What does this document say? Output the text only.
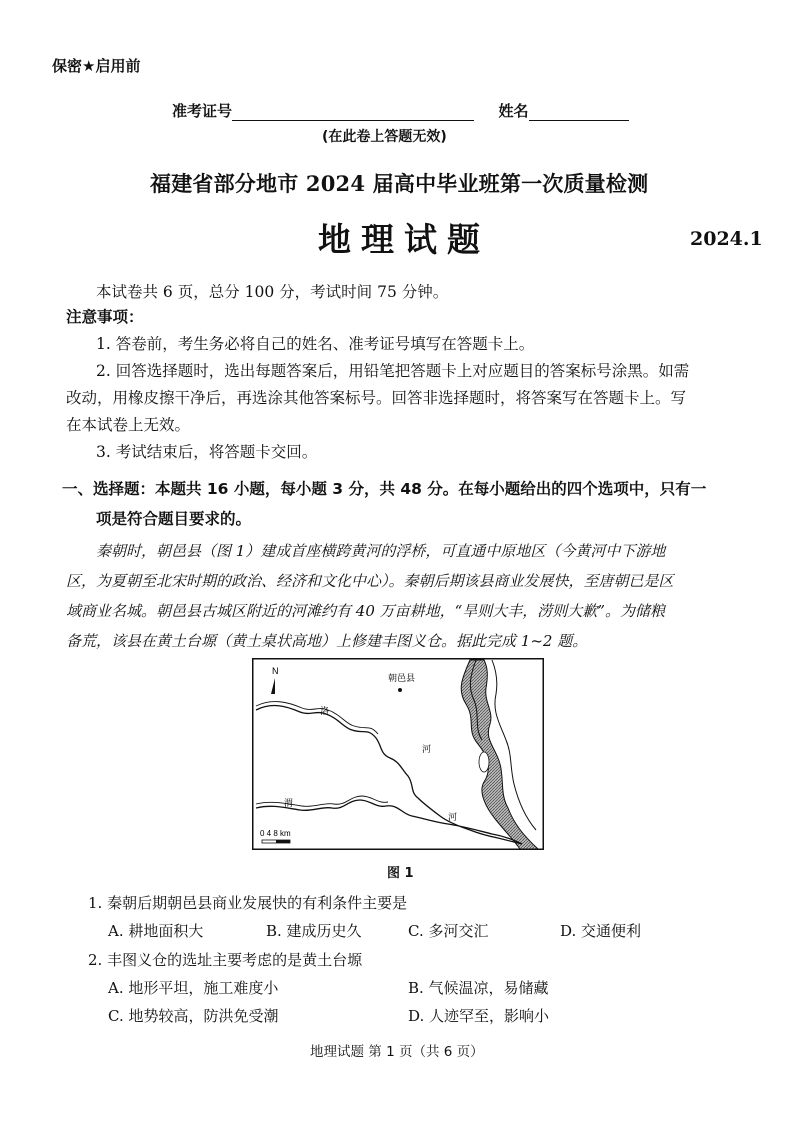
保密★启用前
准考证号	姓名
(在此卷上答题无效)
福建省部分地市 2024 届高中毕业班第一次质量检测
地理试题	2024.1
本试卷共 6 页，总分 100 分，考试时间 75 分钟。
注意事项：
1. 答卷前，考生务必将自己的姓名、准考证号填写在答题卡上。
2. 回答选择题时，选出每题答案后，用铅笔把答题卡上对应题目的答案标号涂黑。如需
改动，用橡皮擦干净后，再选涂其他答案标号。回答非选择题时，将答案写在答题卡上。写
在本试卷上无效。
3. 考试结束后，将答题卡交回。
一、选择题：本题共 16 小题，每小题 3 分，共 48 分。在每小题给出的四个选项中，只有一
项是符合题目要求的。
秦朝时，朝邑县（图 1）建成首座横跨黄河的浮桥，可直通中原地区（今黄河中下游地
区，为夏朝至北宋时期的政治、经济和文化中心）。秦朝后期该县商业发展快，至唐朝已是区
域商业名城。朝邑县古城区附近的河滩约有 40 万亩耕地，“旱则大丰，涝则大歉”。为储粮
备荒，该县在黄土台塬（黄土桌状高地）上修建丰图义仓。据此完成 1~2 题。
N
朝邑县
洛
河
渭
河
0 4 8 km
图 1
1. 秦朝后期朝邑县商业发展快的有利条件主要是
A. 耕地面积大	B. 建成历史久	C. 多河交汇	D. 交通便利
2. 丰图义仓的选址主要考虑的是黄土台塬
A. 地形平坦，施工难度小	B. 气候温凉，易储藏
C. 地势较高，防洪免受潮	D. 人迹罕至，影响小
地理试题 第 1 页（共 6 页）
